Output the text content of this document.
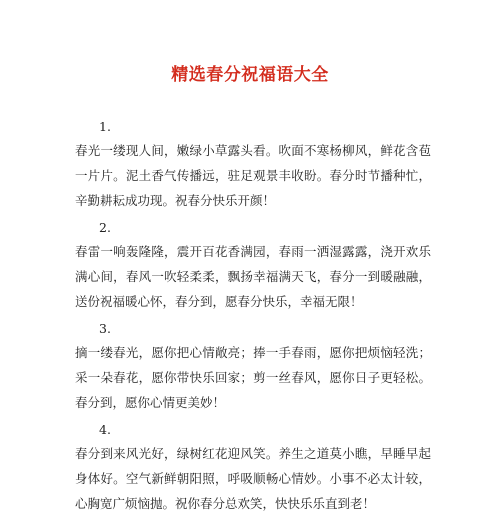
精选春分祝福语大全
1.

春光一缕现人间，嫩绿小草露头看。吹面不寒杨柳风，鲜花含苞一片片。泥土香气传播远，驻足观景丰收盼。春分时节播种忙，辛勤耕耘成功现。祝春分快乐开颜！

2.

春雷一响轰隆隆，震开百花香满园，春雨一洒湿露露，浇开欢乐满心间，春风一吹轻柔柔，飘扬幸福满天飞，春分一到暖融融，送份祝福暖心怀，春分到，愿春分快乐，幸福无限！

3.

摘一缕春光，愿你把心情敞亮；捧一手春雨，愿你把烦恼轻洗；采一朵春花，愿你带快乐回家；剪一丝春风，愿你日子更轻松。春分到，愿你心情更美妙！

4.

春分到来风光好，绿树红花迎风笑。养生之道莫小瞧，早睡早起身体好。空气新鲜朝阳照，呼吸顺畅心情妙。小事不必太计较，心胸宽广烦恼抛。祝你春分总欢笑，快快乐乐直到老！
